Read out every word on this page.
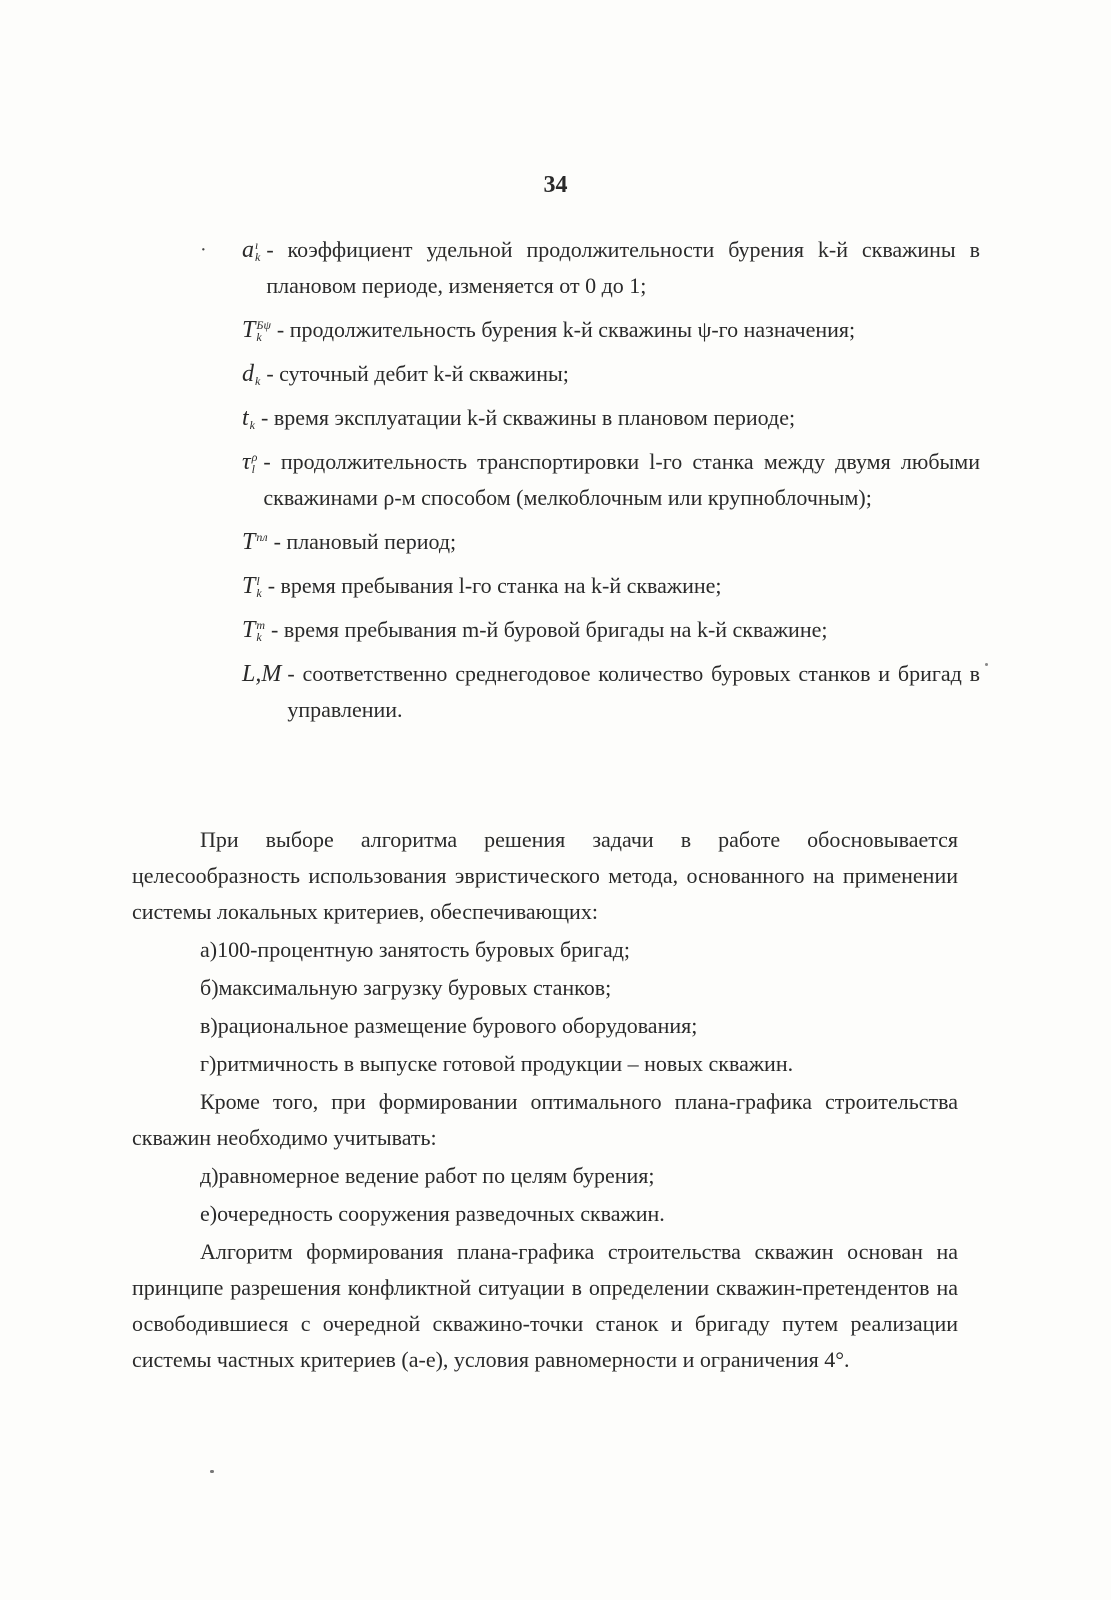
34
·	a ı
k - коэффициент удельной продолжительности бурения k-й скважины в плановом периоде, изменяется от 0 до 1;
T Бψ
k - продолжительность бурения k-й скважины ψ-го назначения;
d
k - суточный дебит k-й скважины;
t
k - время эксплуатации k-й скважины в плановом периоде;
τ ρ
l - продолжительность транспортировки l-го станка между двумя любыми скважинами ρ-м способом (мелкоблочным или крупноблочным);
T пл
- плановый период;
T l
k - время пребывания l-го станка на k-й скважине;
T m
k - время пребывания m-й буровой бригады на k-й скважине;
L,M - соответственно среднегодовое количество буровых станков и бригад в управлении.

При выборе алгоритма решения задачи в работе обосновывается целесообразность использования эвристического метода, основанного на применении системы локальных критериев, обеспечивающих:

а)100-процентную занятость буровых бригад;

б)максимальную загрузку буровых станков;

в)рациональное размещение бурового оборудования;

г)ритмичность в выпуске готовой продукции – новых скважин.

Кроме того, при формировании оптимального плана-графика строительства скважин необходимо учитывать:

д)равномерное ведение работ по целям бурения;

е)очередность сооружения разведочных скважин.

Алгоритм формирования плана-графика строительства скважин основан на принципе разрешения конфликтной ситуации в определении скважин-претендентов на освободившиеся с очередной скважино-точки станок и бригаду путем реализации системы частных критериев (а-е), условия равномерности и ограничения 4°.
